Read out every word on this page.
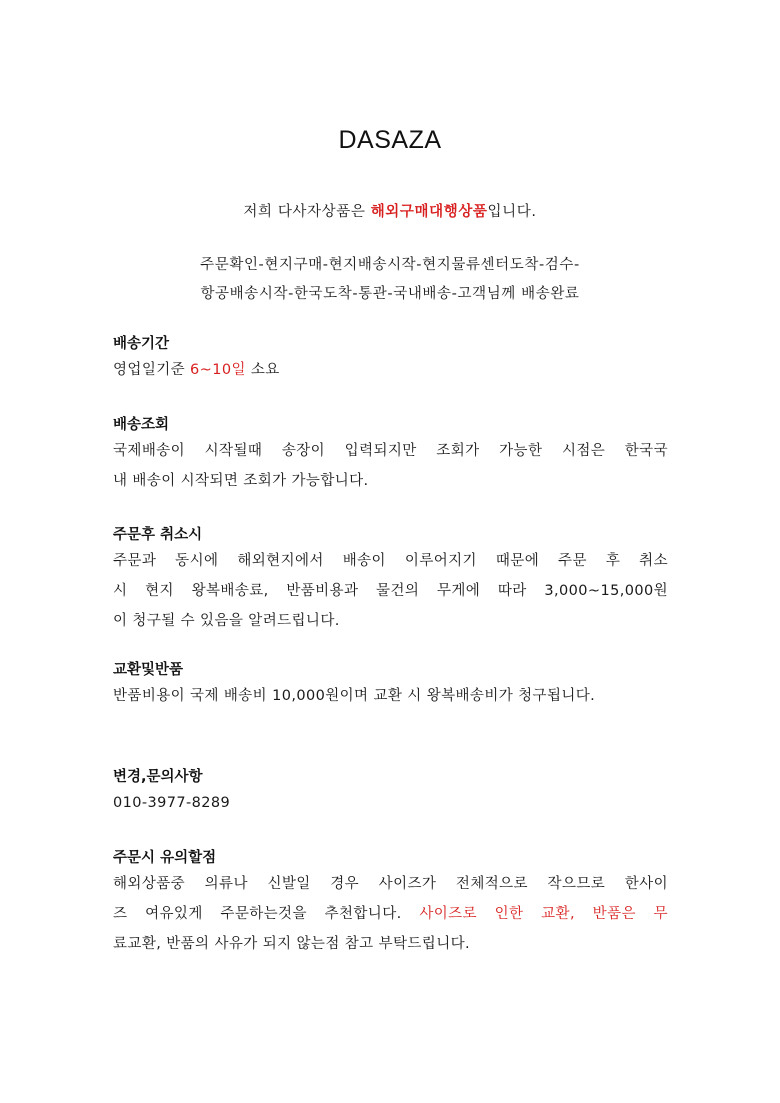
DASAZA
저희 다사자상품은 해외구매대행상품입니다.
주문확인-현지구매-현지배송시작-현지물류센터도착-검수-
항공배송시작-한국도착-통관-국내배송-고객님께 배송완료
배송기간
영업일기준 6~10일 소요
배송조회
국제배송이 시작될때 송장이 입력되지만 조회가 가능한 시점은 한국국
내 배송이 시작되면 조회가 가능합니다.
주문후 취소시
주문과 동시에 해외현지에서 배송이 이루어지기 때문에 주문 후 취소
시 현지 왕복배송료, 반품비용과 물건의 무게에 따라 3,000~15,000원
이 청구될 수 있음을 알려드립니다.
교환및반품
반품비용이 국제 배송비 10,000원이며 교환 시 왕복배송비가 청구됩니다.
변경,문의사항
010-3977-8289
주문시 유의할점
해외상품중 의류나 신발일 경우 사이즈가 전체적으로 작으므로 한사이
즈 여유있게 주문하는것을 추천합니다. 사이즈로 인한 교환, 반품은 무
료교환, 반품의 사유가 되지 않는점 참고 부탁드립니다.
